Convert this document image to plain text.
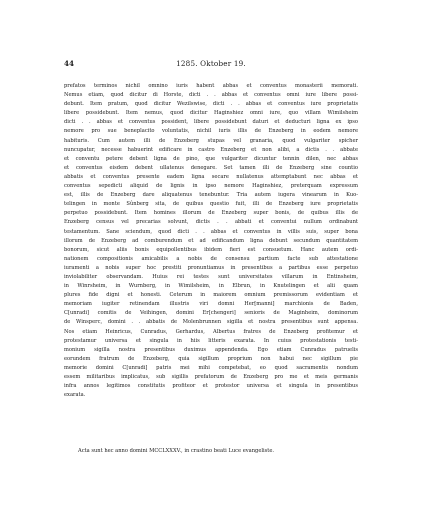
44	1285. Oktober 19.
prefatos terminos nichil omnino iuris habent abbas et conventus monasterii memorati.
Nemus etiam, quod dicitur di Horste, dicti . . abbas et conventus omni iure libere possi-
debunt. Item pratum, quod dicitur Wezilswise, dicti . . abbas et conventus iure proprietatis
libere possidebunt. Item nemus, quod dicitur Haginshiez omni iure, quo villam Wimilsheim
dicti . . abbas et conventus possident, libere possidebunt daturi et deducturi ligna ex ipso
nemore pro sue beneplacito voluntatis, nichil iuris illis de Enzeberg in eodem nemore
habituris. Cum autem illi de Enzeberg stupas vel granaria, quod vulgariter spicher
nuncupatur, necesse habuerint edificare in castro Enzeberg et non alibi, a dictis . . abbate
et conventu petere debent ligna de pino, que vulgariter dicuntur tennin dilen, nec abbas
et conventus eisdem debent ullatenus denegare. Set tamen illi de Enzeberg sine countio
abbatis et conventus presente eadem ligna secare nullatenus attemptabunt nec abbas et
conventus sepedicti aliquid de lignis in ipso nemore Haginshiez, preterquam expressum
est, illis de Enzeberg dare aliquatenus tenebuntur. Tria autem iugera vinearum in Kuo-
telingen in monte Sûnberg sita, de quibus questio fuit, illi de Enzeberg iure proprietatis
perpetuo possidebunt. Item homines illorum de Enzeberg super bonis, de quibus illis de
Enzeberg census vel precarias solvunt, dictis . . abbati et conventui nullum ordinabunt
testamentum. Sane sciendum, quod dicti . . abbas et conventus in villis suis, super bona
illorum de Enzeberg ad comburendum et ad edificandum ligna debunt secundum quantitatem
bonorum, sicut aliis bonis equipollentibus ibidem fieri est consuetum. Hanc autem ordi-
nationem compositionis amicabilis a nobis de consensu partium facte sub attestatione
iuramenti a nobis super hoc prestiti pronuntiamus in presentibus a partibus esse perpetuo
inviolabiliter observandam. Huius rei testes sunt universitates villarum in Entinsheim,
in Winrsheim, in Wurnberg, in Wimilsheim, in Elbrun, in Knutelingen et alii quam
plures fide digni et honesti. Ceterum in maiorem omnium premissorum evidentiam et
memoriam iugiter retinendam illustris viri domni Her[manni] marchionis de Baden,
C[unradi] comitis de Veihingen, domini Er[chengeri] senioris de Maginheim, dominorum
de Winsperc, domini . . abbatis de Molenbrunnen sigilla et nostra presentibus sunt appensa.
Nos etiam Heinricus, Cunradus, Gerhardus, Albertus fratres de Enzeberg profitemur et
protestamur universa et singula in hiis litteris exarata. In cuius protestationis testi-
monium sigilla nostra presentibus duximus appendenda. Ego etiam Cunradus patruelis
eorundem fratrum de Enzeberg, quia sigillum proprium non habui nec sigillum pie
memorie domini C[unradi] patris mei mihi competebat, eo quod sacramentis nondum
essem militaribus implicatus, sub sigillis prefatorum de Enzeberg pro me et meis germanis
infra annos legitimos constitutis profiteor et protestor universa et singula in presentibus
exarata.
Acta sunt hec anno domini MCCLXXXV., in crastino beati Luce evangeliste.
